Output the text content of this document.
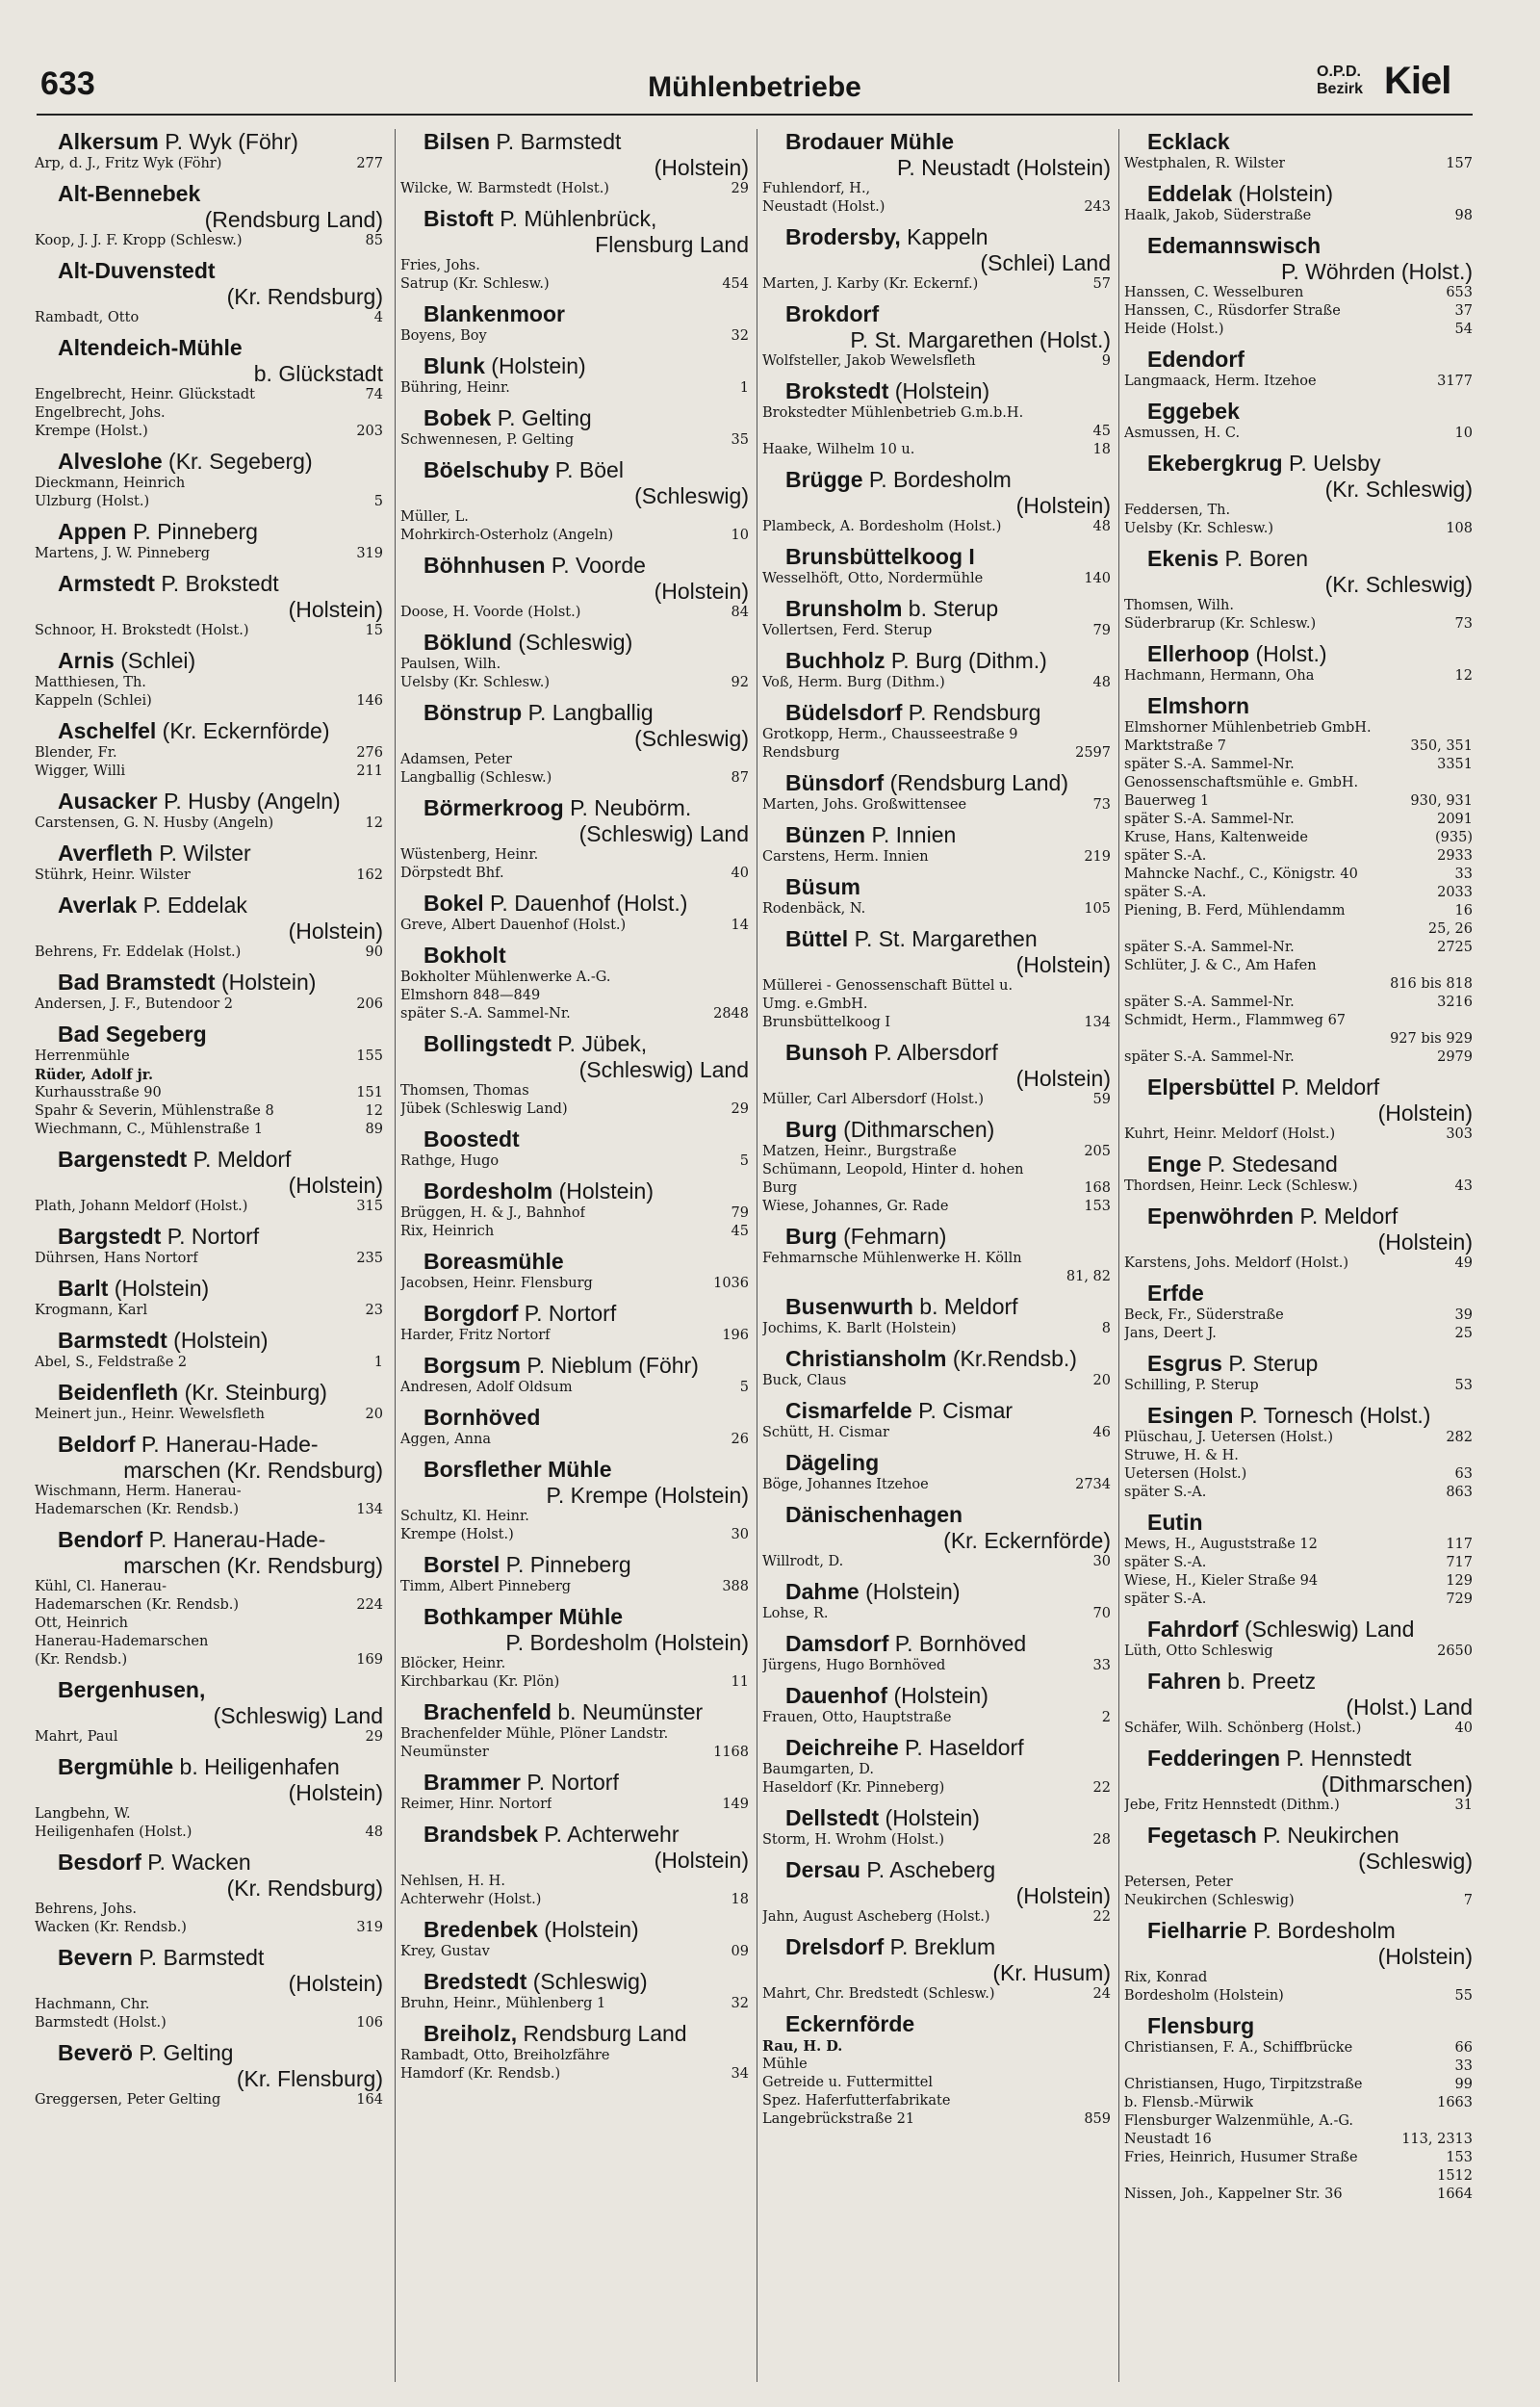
633	Mühlenbetriebe	O.P.D.
Bezirk Kiel
Alkersum P. Wyk (Föhr)
Arp, d. J., Fritz Wyk (Föhr)	277
Alt-Bennebek
(Rendsburg Land)
Koop, J. J. F. Kropp (Schlesw.)	85
Alt-Duvenstedt
(Kr. Rendsburg)
Rambadt, Otto	4
Altendeich-Mühle
b. Glückstadt
Engelbrecht, Heinr. Glückstadt	74
Engelbrecht, Johs.
Krempe (Holst.)	203
Alveslohe (Kr. Segeberg)
Dieckmann, Heinrich
Ulzburg (Holst.)	5
Appen P. Pinneberg
Martens, J. W. Pinneberg	319
Armstedt P. Brokstedt
(Holstein)
Schnoor, H. Brokstedt (Holst.)	15
Arnis (Schlei)
Matthiesen, Th.
Kappeln (Schlei)	146
Aschelfel (Kr. Eckernförde)
Blender, Fr.	276
Wigger, Willi	211
Ausacker P. Husby (Angeln)
Carstensen, G. N. Husby (Angeln)	12
Averfleth P. Wilster
Stührk, Heinr. Wilster	162
Averlak P. Eddelak
(Holstein)
Behrens, Fr. Eddelak (Holst.)	90
Bad Bramstedt (Holstein)
Andersen, J. F., Butendoor 2	206
Bad Segeberg
Herrenmühle	155
Rüder, Adolf jr.
Kurhausstraße 90	151
Spahr & Severin, Mühlenstraße 8	12
Wiechmann, C., Mühlenstraße 1	89
Bargenstedt P. Meldorf
(Holstein)
Plath, Johann Meldorf (Holst.)	315
Bargstedt P. Nortorf
Dührsen, Hans Nortorf	235
Barlt (Holstein)
Krogmann, Karl	23
Barmstedt (Holstein)
Abel, S., Feldstraße 2	1
Beidenfleth (Kr. Steinburg)
Meinert jun., Heinr. Wewelsfleth	20
Beldorf P. Hanerau-Hade-
marschen (Kr. Rendsburg)
Wischmann, Herm. Hanerau-
Hademarschen (Kr. Rendsb.)	134
Bendorf P. Hanerau-Hade-
marschen (Kr. Rendsburg)
Kühl, Cl. Hanerau-
Hademarschen (Kr. Rendsb.)	224
Ott, Heinrich
Hanerau-Hademarschen
(Kr. Rendsb.)	169
Bergenhusen,
(Schleswig) Land
Mahrt, Paul	29
Bergmühle b. Heiligenhafen
(Holstein)
Langbehn, W.
Heiligenhafen (Holst.)	48
Besdorf P. Wacken
(Kr. Rendsburg)
Behrens, Johs.
Wacken (Kr. Rendsb.)	319
Bevern P. Barmstedt
(Holstein)
Hachmann, Chr.
Barmstedt (Holst.)	106
Beverö P. Gelting
(Kr. Flensburg)
Greggersen, Peter Gelting	164
Bilsen P. Barmstedt
(Holstein)
Wilcke, W. Barmstedt (Holst.)	29
Bistoft P. Mühlenbrück,
Flensburg Land
Fries, Johs.
Satrup (Kr. Schlesw.)	454
Blankenmoor
Boyens, Boy	32
Blunk (Holstein)
Bühring, Heinr.	1
Bobek P. Gelting
Schwennesen, P. Gelting	35
Böelschuby P. Böel
(Schleswig)
Müller, L.
Mohrkirch-Osterholz (Angeln)	10
Böhnhusen P. Voorde
(Holstein)
Doose, H. Voorde (Holst.)	84
Böklund (Schleswig)
Paulsen, Wilh.
Uelsby (Kr. Schlesw.)	92
Bönstrup P. Langballig
(Schleswig)
Adamsen, Peter
Langballig (Schlesw.)	87
Börmerkroog P. Neubörm.
(Schleswig) Land
Wüstenberg, Heinr.
Dörpstedt Bhf.	40
Bokel P. Dauenhof (Holst.)
Greve, Albert Dauenhof (Holst.)	14
Bokholt
Bokholter Mühlenwerke A.-G.
Elmshorn 848—849
später S.-A. Sammel-Nr.	2848
Bollingstedt P. Jübek,
(Schleswig) Land
Thomsen, Thomas
Jübek (Schleswig Land)	29
Boostedt
Rathge, Hugo	5
Bordesholm (Holstein)
Brüggen, H. & J., Bahnhof	79
Rix, Heinrich	45
Boreasmühle
Jacobsen, Heinr. Flensburg	1036
Borgdorf P. Nortorf
Harder, Fritz Nortorf	196
Borgsum P. Nieblum (Föhr)
Andresen, Adolf Oldsum	5
Bornhöved
Aggen, Anna	26
Borsflether Mühle
P. Krempe (Holstein)
Schultz, Kl. Heinr.
Krempe (Holst.)	30
Borstel P. Pinneberg
Timm, Albert Pinneberg	388
Bothkamper Mühle
P. Bordesholm (Holstein)
Blöcker, Heinr.
Kirchbarkau (Kr. Plön)	11
Brachenfeld b. Neumünster
Brachenfelder Mühle, Plöner Landstr.
Neumünster	1168
Brammer P. Nortorf
Reimer, Hinr. Nortorf	149
Brandsbek P. Achterwehr
(Holstein)
Nehlsen, H. H.
Achterwehr (Holst.)	18
Bredenbek (Holstein)
Krey, Gustav	09
Bredstedt (Schleswig)
Bruhn, Heinr., Mühlenberg 1	32
Breiholz, Rendsburg Land
Rambadt, Otto, Breiholzfähre
Hamdorf (Kr. Rendsb.)	34
Brodauer Mühle
P. Neustadt (Holstein)
Fuhlendorf, H.,
Neustadt (Holst.)	243
Brodersby, Kappeln
(Schlei) Land
Marten, J. Karby (Kr. Eckernf.)	57
Brokdorf
P. St. Margarethen (Holst.)
Wolfsteller, Jakob Wewelsfleth	9
Brokstedt (Holstein)
Brokstedter Mühlenbetrieb G.m.b.H.
45
Haake, Wilhelm 10 u.	18
Brügge P. Bordesholm
(Holstein)
Plambeck, A. Bordesholm (Holst.)	48
Brunsbüttelkoog I
Wesselhöft, Otto, Nordermühle	140
Brunsholm b. Sterup
Vollertsen, Ferd. Sterup	79
Buchholz P. Burg (Dithm.)
Voß, Herm. Burg (Dithm.)	48
Büdelsdorf P. Rendsburg
Grotkopp, Herm., Chausseestraße 9
Rendsburg	2597
Bünsdorf (Rendsburg Land)
Marten, Johs. Großwittensee	73
Bünzen P. Innien
Carstens, Herm. Innien	219
Büsum
Rodenbäck, N.	105
Büttel P. St. Margarethen
(Holstein)
Müllerei - Genossenschaft Büttel u.
Umg. e.GmbH.
Brunsbüttelkoog I	134
Bunsoh P. Albersdorf
(Holstein)
Müller, Carl Albersdorf (Holst.)	59
Burg (Dithmarschen)
Matzen, Heinr., Burgstraße	205
Schümann, Leopold, Hinter d. hohen
Burg	168
Wiese, Johannes, Gr. Rade	153
Burg (Fehmarn)
Fehmarnsche Mühlenwerke H. Kölln
81, 82
Busenwurth b. Meldorf
Jochims, K. Barlt (Holstein)	8
Christiansholm (Kr.Rendsb.)
Buck, Claus	20
Cismarfelde P. Cismar
Schütt, H. Cismar	46
Dägeling
Böge, Johannes Itzehoe	2734
Dänischenhagen
(Kr. Eckernförde)
Willrodt, D.	30
Dahme (Holstein)
Lohse, R.	70
Damsdorf P. Bornhöved
Jürgens, Hugo Bornhöved	33
Dauenhof (Holstein)
Frauen, Otto, Hauptstraße	2
Deichreihe P. Haseldorf
Baumgarten, D.
Haseldorf (Kr. Pinneberg)	22
Dellstedt (Holstein)
Storm, H. Wrohm (Holst.)	28
Dersau P. Ascheberg
(Holstein)
Jahn, August Ascheberg (Holst.)	22
Drelsdorf P. Breklum
(Kr. Husum)
Mahrt, Chr. Bredstedt (Schlesw.)	24
Eckernförde
Rau, H. D.
Mühle
Getreide u. Futtermittel
Spez. Haferfutterfabrikate
Langebrückstraße 21	859
Ecklack
Westphalen, R. Wilster	157
Eddelak (Holstein)
Haalk, Jakob, Süderstraße	98
Edemannswisch
P. Wöhrden (Holst.)
Hanssen, C. Wesselburen	653
Hanssen, C., Rüsdorfer Straße	37
Heide (Holst.)	54
Edendorf
Langmaack, Herm. Itzehoe	3177
Eggebek
Asmussen, H. C.	10
Ekebergkrug P. Uelsby
(Kr. Schleswig)
Feddersen, Th.
Uelsby (Kr. Schlesw.)	108
Ekenis P. Boren
(Kr. Schleswig)
Thomsen, Wilh.
Süderbrarup (Kr. Schlesw.)	73
Ellerhoop (Holst.)
Hachmann, Hermann, Oha	12
Elmshorn
Elmshorner Mühlenbetrieb GmbH.
Marktstraße 7	350, 351
später S.-A. Sammel-Nr.	3351
Genossenschaftsmühle e. GmbH.
Bauerweg 1	930, 931
später S.-A. Sammel-Nr.	2091
Kruse, Hans, Kaltenweide	(935)
später S.-A.	2933
Mahncke Nachf., C., Königstr. 40	33
später S.-A.	2033
Piening, B. Ferd, Mühlendamm	16
25, 26
später S.-A. Sammel-Nr.	2725
Schlüter, J. & C., Am Hafen
816 bis 818
später S.-A. Sammel-Nr.	3216
Schmidt, Herm., Flammweg 67
927 bis 929
später S.-A. Sammel-Nr.	2979
Elpersbüttel P. Meldorf
(Holstein)
Kuhrt, Heinr. Meldorf (Holst.)	303
Enge P. Stedesand
Thordsen, Heinr. Leck (Schlesw.)	43
Epenwöhrden P. Meldorf
(Holstein)
Karstens, Johs. Meldorf (Holst.)	49
Erfde
Beck, Fr., Süderstraße	39
Jans, Deert J.	25
Esgrus P. Sterup
Schilling, P. Sterup	53
Esingen P. Tornesch (Holst.)
Plüschau, J. Uetersen (Holst.)	282
Struwe, H. & H.
Uetersen (Holst.)	63
später S.-A.	863
Eutin
Mews, H., Auguststraße 12	117
später S.-A.	717
Wiese, H., Kieler Straße 94	129
später S.-A.	729
Fahrdorf (Schleswig) Land
Lüth, Otto Schleswig	2650
Fahren b. Preetz
(Holst.) Land
Schäfer, Wilh. Schönberg (Holst.)	40
Fedderingen P. Hennstedt
(Dithmarschen)
Jebe, Fritz Hennstedt (Dithm.)	31
Fegetasch P. Neukirchen
(Schleswig)
Petersen, Peter
Neukirchen (Schleswig)	7
Fielharrie P. Bordesholm
(Holstein)
Rix, Konrad
Bordesholm (Holstein)	55
Flensburg
Christiansen, F. A., Schiffbrücke	66
33
Christiansen, Hugo, Tirpitzstraße	99
b. Flensb.-Mürwik	1663
Flensburger Walzenmühle, A.-G.
Neustadt 16	113, 2313
Fries, Heinrich, Husumer Straße	153
1512
Nissen, Joh., Kappelner Str. 36	1664
